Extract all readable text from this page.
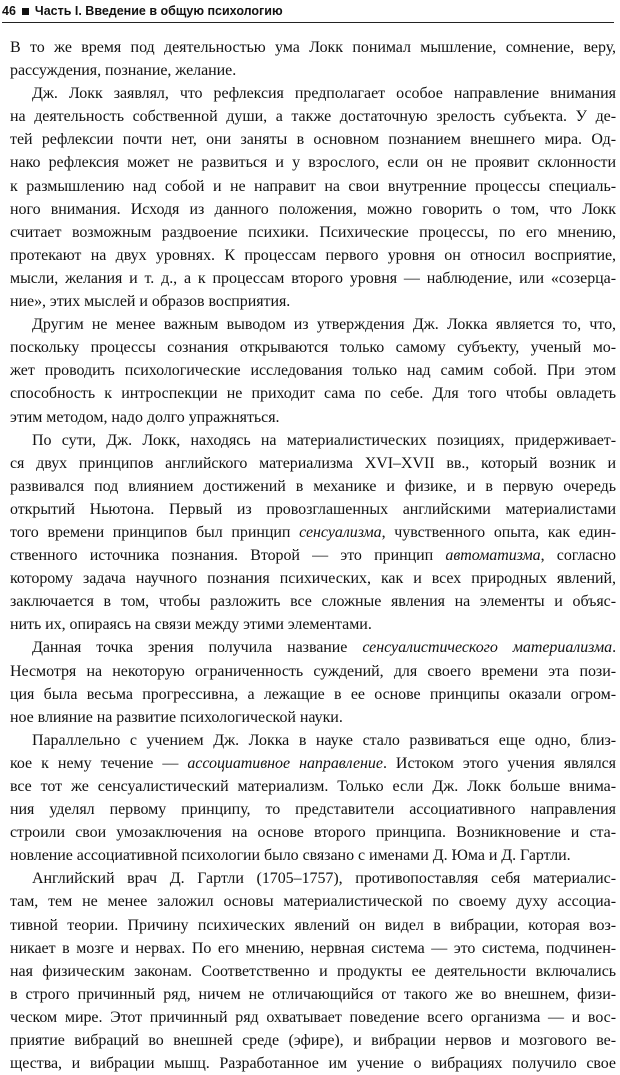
46 Часть I. Введение в общую психологию
В то же время под деятельностью ума Локк понимал мышление, сомнение, веру,
рассуждения, познание, желание.
Дж. Локк заявлял, что рефлексия предполагает особое направление внимания
на деятельность собственной души, а также достаточную зрелость субъекта. У де-
тей рефлексии почти нет, они заняты в основном познанием внешнего мира. Од-
нако рефлексия может не развиться и у взрослого, если он не проявит склонности
к размышлению над собой и не направит на свои внутренние процессы специаль-
ного внимания. Исходя из данного положения, можно говорить о том, что Локк
считает возможным раздвоение психики. Психические процессы, по его мнению,
протекают на двух уровнях. К процессам первого уровня он относил восприятие,
мысли, желания и т. д., а к процессам второго уровня — наблюдение, или «созерца-
ние», этих мыслей и образов восприятия.
Другим не менее важным выводом из утверждения Дж. Локка является то, что,
поскольку процессы сознания открываются только самому субъекту, ученый мо-
жет проводить психологические исследования только над самим собой. При этом
способность к интроспекции не приходит сама по себе. Для того чтобы овладеть
этим методом, надо долго упражняться.
По сути, Дж. Локк, находясь на материалистических позициях, придерживает-
ся двух принципов английского материализма XVI–XVII вв., который возник и
развивался под влиянием достижений в механике и физике, и в первую очередь
открытий Ньютона. Первый из провозглашенных английскими материалистами
того времени принципов был принцип сенсуализма, чувственного опыта, как един-
ственного источника познания. Второй — это принцип автоматизма, согласно
которому задача научного познания психических, как и всех природных явлений,
заключается в том, чтобы разложить все сложные явления на элементы и объяс-
нить их, опираясь на связи между этими элементами.
Данная точка зрения получила название сенсуалистического материализма.
Несмотря на некоторую ограниченность суждений, для своего времени эта пози-
ция была весьма прогрессивна, а лежащие в ее основе принципы оказали огром-
ное влияние на развитие психологической науки.
Параллельно с учением Дж. Локка в науке стало развиваться еще одно, близ-
кое к нему течение — ассоциативное направление. Истоком этого учения являлся
все тот же сенсуалистический материализм. Только если Дж. Локк больше внима-
ния уделял первому принципу, то представители ассоциативного направления
строили свои умозаключения на основе второго принципа. Возникновение и ста-
новление ассоциативной психологии было связано с именами Д. Юма и Д. Гартли.
Английский врач Д. Гартли (1705–1757), противопоставляя себя материалис-
там, тем не менее заложил основы материалистической по своему духу ассоциа-
тивной теории. Причину психических явлений он видел в вибрации, которая воз-
никает в мозге и нервах. По его мнению, нервная система — это система, подчинен-
ная физическим законам. Соответственно и продукты ее деятельности включались
в строго причинный ряд, ничем не отличающийся от такого же во внешнем, физи-
ческом мире. Этот причинный ряд охватывает поведение всего организма — и вос-
приятие вибраций во внешней среде (эфире), и вибрации нервов и мозгового ве-
щества, и вибрации мышц. Разработанное им учение о вибрациях получило свое
